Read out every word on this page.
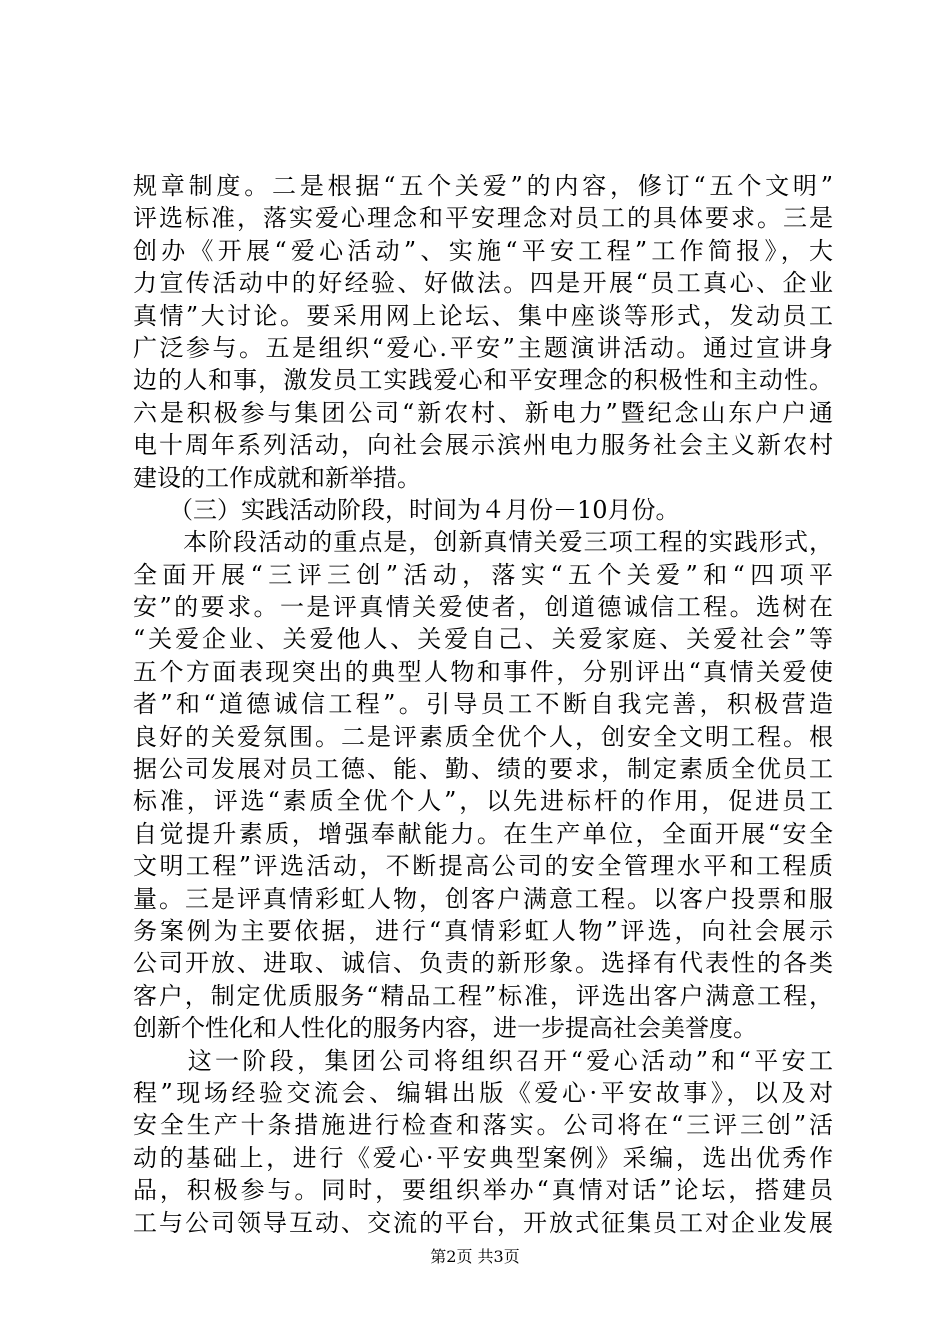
规章制度。二是根据“五个关爱”的内容，修订“五个文明”
评选标准，落实爱心理念和平安理念对员工的具体要求。三是
创办《开展“爱心活动”、实施“平安工程”工作简报》，大
力宣传活动中的好经验、好做法。四是开展“员工真心、企业
真情”大讨论。要采用网上论坛、集中座谈等形式，发动员工
广泛参与。五是组织“爱心.平安”主题演讲活动。通过宣讲身
边的人和事，激发员工实践爱心和平安理念的积极性和主动性。
六是积极参与集团公司“新农村、新电力”暨纪念山东户户通
电十周年系列活动，向社会展示滨州电力服务社会主义新农村
建设的工作成就和新举措。
　　（三）实践活动阶段，时间为４月份－10月份。
　　本阶段活动的重点是，创新真情关爱三项工程的实践形式，
全面开展“三评三创”活动，落实“五个关爱”和“四项平
安”的要求。一是评真情关爱使者，创道德诚信工程。选树在
“关爱企业、关爱他人、关爱自己、关爱家庭、关爱社会”等
五个方面表现突出的典型人物和事件，分别评出“真情关爱使
者”和“道德诚信工程”。引导员工不断自我完善，积极营造
良好的关爱氛围。二是评素质全优个人，创安全文明工程。根
据公司发展对员工德、能、勤、绩的要求，制定素质全优员工
标准，评选“素质全优个人”，以先进标杆的作用，促进员工
自觉提升素质，增强奉献能力。在生产单位，全面开展“安全
文明工程”评选活动，不断提高公司的安全管理水平和工程质
量。三是评真情彩虹人物，创客户满意工程。以客户投票和服
务案例为主要依据，进行“真情彩虹人物”评选，向社会展示
公司开放、进取、诚信、负责的新形象。选择有代表性的各类
客户，制定优质服务“精品工程”标准，评选出客户满意工程，
创新个性化和人性化的服务内容，进一步提高社会美誉度。
　　这一阶段，集团公司将组织召开“爱心活动”和“平安工
程”现场经验交流会、编辑出版《爱心·平安故事》，以及对
安全生产十条措施进行检查和落实。公司将在“三评三创”活
动的基础上，进行《爱心·平安典型案例》采编，选出优秀作
品，积极参与。同时，要组织举办“真情对话”论坛，搭建员
工与公司领导互动、交流的平台，开放式征集员工对企业发展
第2页 共3页
